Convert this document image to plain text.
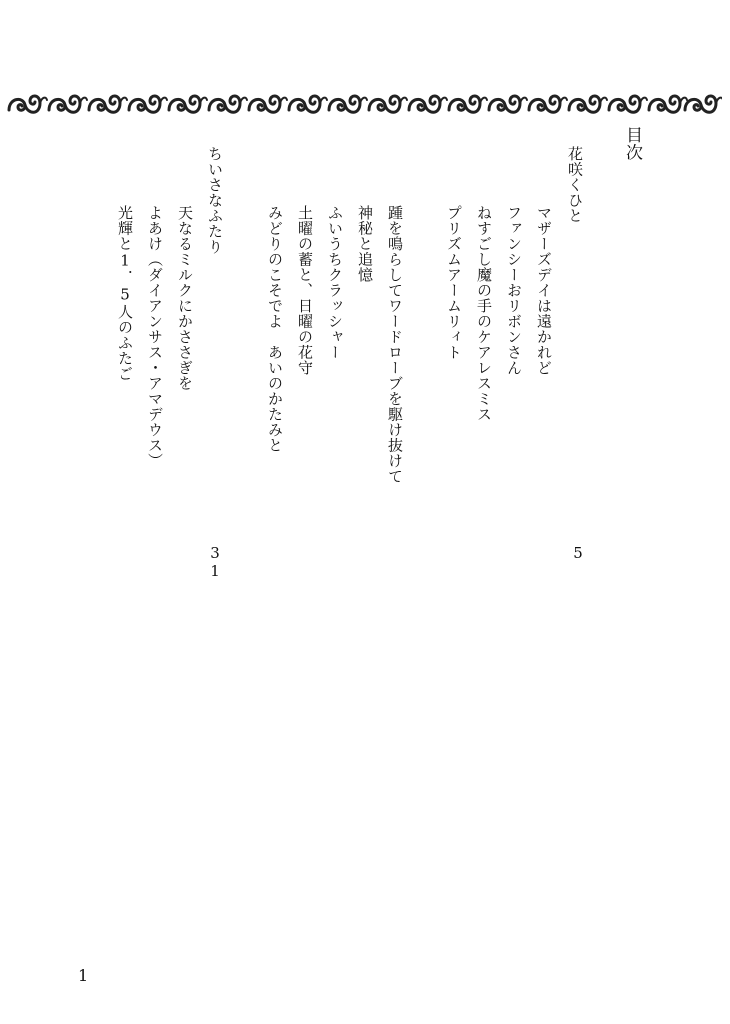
目次
花咲くひと
5
マザーズデイは遠かれど
ファンシーおリボンさん
ねすごし魔の手のケアレスミス
プリズムアームリィト
踵を鳴らしてワードローブを駆け抜けて
神秘と追憶
ふいうちクラッシャー
土曜の蓄と、日曜の花守
みどりのこそでよ　あいのかたみと
ちいさなふたり
31
天なるミルクにかささぎを
よあけ（ダイアンサス・アマデウス）
光輝と1．5人のふたご
1
